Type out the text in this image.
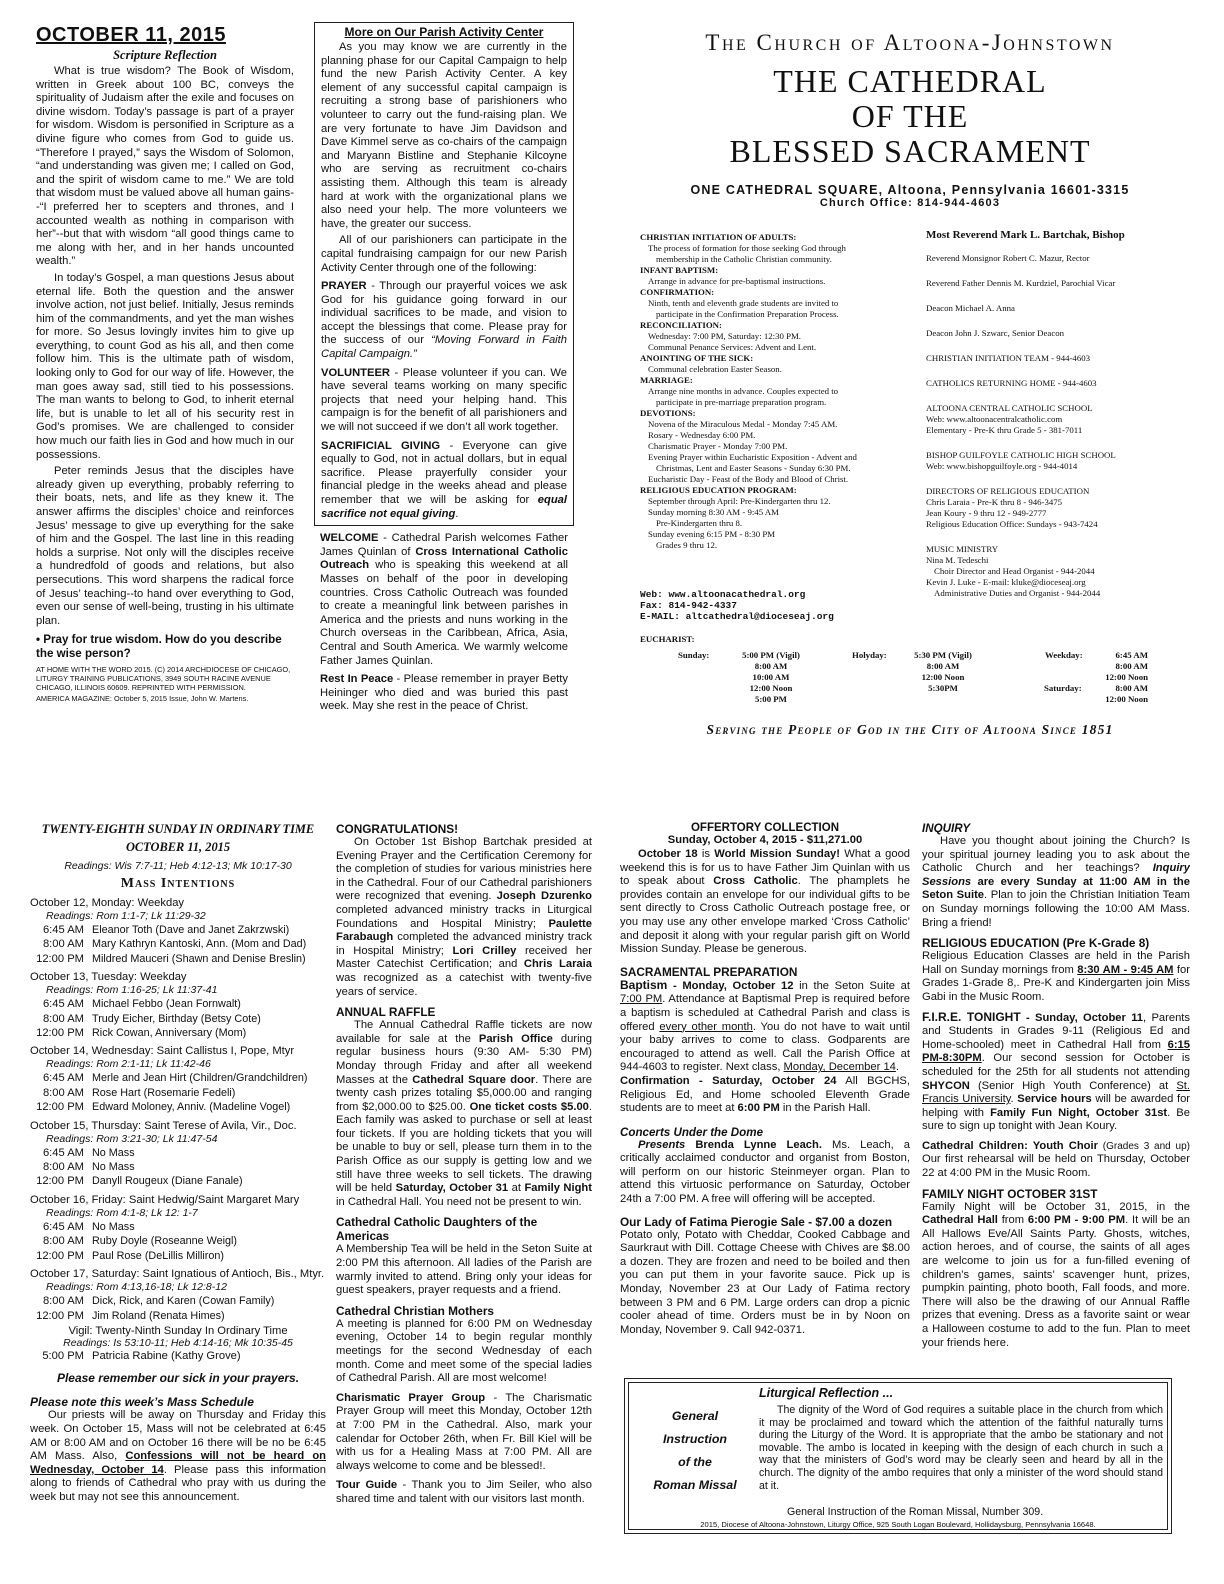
OCTOBER 11, 2015
Scripture Reflection
What is true wisdom? The Book of Wisdom, written in Greek about 100 BC, conveys the spirituality of Judaism after the exile and focuses on divine wisdom. Today’s passage is part of a prayer for wisdom. Wisdom is personified in Scripture as a divine figure who comes from God to guide us. “Therefore I prayed,” says the Wisdom of Solomon, “and understanding was given me; I called on God, and the spirit of wisdom came to me.” We are told that wisdom must be valued above all human gains--“I preferred her to scepters and thrones, and I accounted wealth as nothing in comparison with her”--but that with wisdom “all good things came to me along with her, and in her hands uncounted wealth.”
In today’s Gospel, a man questions Jesus about eternal life. Both the question and the answer involve action, not just belief. Initially, Jesus reminds him of the commandments, and yet the man wishes for more. So Jesus lovingly invites him to give up everything, to count God as his all, and then come follow him. This is the ultimate path of wisdom, looking only to God for our way of life. However, the man goes away sad, still tied to his possessions. The man wants to belong to God, to inherit eternal life, but is unable to let all of his security rest in God’s promises. We are challenged to consider how much our faith lies in God and how much in our possessions.
Peter reminds Jesus that the disciples have already given up everything, probably referring to their boats, nets, and life as they knew it. The answer affirms the disciples’ choice and reinforces Jesus’ message to give up everything for the sake of him and the Gospel. The last line in this reading holds a surprise. Not only will the disciples receive a hundredfold of goods and relations, but also persecutions. This word sharpens the radical force of Jesus’ teaching--to hand over everything to God, even our sense of well-being, trusting in his ultimate plan.
• Pray for true wisdom. How do you describe the wise person?
AT HOME WITH THE WORD 2015. (C) 2014 ARCHDIOCESE OF CHICAGO, LITURGY TRAINING PUBLICATIONS, 3949 SOUTH RACINE AVENUE CHICAGO, ILLINOIS 60609. REPRINTED WITH PERMISSION.
AMERICA MAGAZINE: October 5, 2015 Issue, John W. Martens.
More on Our Parish Activity Center
As you may know we are currently in the planning phase for our Capital Campaign to help fund the new Parish Activity Center. A key element of any successful capital campaign is recruiting a strong base of parishioners who volunteer to carry out the fund-raising plan. We are very fortunate to have Jim Davidson and Dave Kimmel serve as co-chairs of the campaign and Maryann Bistline and Stephanie Kilcoyne who are serving as recruitment co-chairs assisting them. Although this team is already hard at work with the organizational plans we also need your help. The more volunteers we have, the greater our success.
All of our parishioners can participate in the capital fundraising campaign for our new Parish Activity Center through one of the following:
PRAYER - Through our prayerful voices we ask God for his guidance going forward in our individual sacrifices to be made, and vision to accept the blessings that come. Please pray for the success of our “Moving Forward in Faith Capital Campaign.”
VOLUNTEER - Please volunteer if you can. We have several teams working on many specific projects that need your helping hand. This campaign is for the benefit of all parishioners and we will not succeed if we don’t all work together.
SACRIFICIAL GIVING - Everyone can give equally to God, not in actual dollars, but in equal sacrifice. Please prayerfully consider your financial pledge in the weeks ahead and please remember that we will be asking for equal sacrifice not equal giving.
WELCOME - Cathedral Parish welcomes Father James Quinlan of Cross International Catholic Outreach who is speaking this weekend at all Masses on behalf of the poor in developing countries. Cross Catholic Outreach was founded to create a meaningful link between parishes in America and the priests and nuns working in the Church overseas in the Caribbean, Africa, Asia, Central and South America. We warmly welcome Father James Quinlan.
Rest In Peace - Please remember in prayer Betty Heininger who died and was buried this past week. May she rest in the peace of Christ.
The Church of Altoona-Johnstown
THE CATHEDRAL
OF THE
BLESSED SACRAMENT
ONE CATHEDRAL SQUARE, Altoona, Pennsylvania 16601-3315
Church Office: 814-944-4603
CHRISTIAN INITIATION OF ADULTS:
The process of formation for those seeking God through
membership in the Catholic Christian community.
INFANT BAPTISM:
Arrange in advance for pre-baptismal instructions.
CONFIRMATION:
Ninth, tenth and eleventh grade students are invited to
participate in the Confirmation Preparation Process.
RECONCILIATION:
Wednesday: 7:00 PM, Saturday: 12:30 PM.
Communal Penance Services: Advent and Lent.
ANOINTING OF THE SICK:
Communal celebration Easter Season.
MARRIAGE:
Arrange nine months in advance. Couples expected to
participate in pre-marriage preparation program.
DEVOTIONS:
Novena of the Miraculous Medal - Monday 7:45 AM.
Rosary - Wednesday 6:00 PM.
Charismatic Prayer - Monday 7:00 PM.
Evening Prayer within Eucharistic Exposition - Advent and
Christmas, Lent and Easter Seasons - Sunday 6:30 PM.
Eucharistic Day - Feast of the Body and Blood of Christ.
RELIGIOUS EDUCATION PROGRAM:
September through April: Pre-Kindergarten thru 12.
Sunday morning 8:30 AM - 9:45 AM
Pre-Kindergarten thru 8.
Sunday evening 6:15 PM - 8:30 PM
Grades 9 thru 12.
Most Reverend Mark L. Bartchak, Bishop
Reverend Monsignor Robert C. Mazur, Rector
Reverend Father Dennis M. Kurdziel, Parochial Vicar
Deacon Michael A. Anna
Deacon John J. Szwarc, Senior Deacon
CHRISTIAN INITIATION TEAM - 944-4603
CATHOLICS RETURNING HOME - 944-4603
ALTOONA CENTRAL CATHOLIC SCHOOL
Web: www.altoonacentralcatholic.com
Elementary - Pre-K thru Grade 5 - 381-7011
BISHOP GUILFOYLE CATHOLIC HIGH SCHOOL
Web: www.bishopguilfoyle.org - 944-4014
DIRECTORS OF RELIGIOUS EDUCATION
Chris Laraia - Pre-K thru 8 - 946-3475
Jean Koury - 9 thru 12 - 949-2777
Religious Education Office: Sundays - 943-7424
MUSIC MINISTRY
Nina M. Tedeschi
Choir Director and Head Organist - 944-2044
Kevin J. Luke - E-mail: kluke@dioceseaj.org
Administrative Duties and Organist - 944-2044
Web: www.altoonacathedral.org
Fax: 814-942-4337
E-MAIL: altcathedral@dioceseaj.org
EUCHARIST:
Sunday:	5:00 PM (Vigil)
8:00 AM
10:00 AM
12:00 Noon
5:00 PM
Holyday:	5:30 PM (Vigil)
8:00 AM
12:00 Noon
5:30PM
Weekday:	6:45 AM
8:00 AM
12:00 Noon
Saturday:	8:00 AM
12:00 Noon
Serving the People of God in the City of Altoona Since 1851
TWENTY-EIGHTH SUNDAY IN ORDINARY TIME
OCTOBER 11, 2015
Readings: Wis 7:7-11; Heb 4:12-13; Mk 10:17-30
Mass Intentions
October 12, Monday: Weekday
Readings: Rom 1:1-7; Lk 11:29-32
6:45 AM Eleanor Toth (Dave and Janet Zakrzwski)
8:00 AM Mary Kathryn Kantoski, Ann. (Mom and Dad)
12:00 PM Mildred Mauceri (Shawn and Denise Breslin)
October 13, Tuesday: Weekday
Readings: Rom 1:16-25; Lk 11:37-41
6:45 AM Michael Febbo (Jean Fornwalt)
8:00 AM Trudy Eicher, Birthday (Betsy Cote)
12:00 PM Rick Cowan, Anniversary (Mom)
October 14, Wednesday: Saint Callistus I, Pope, Mtyr
Readings: Rom 2:1-11; Lk 11:42-46
6:45 AM Merle and Jean Hirt (Children/Grandchildren)
8:00 AM Rose Hart (Rosemarie Fedeli)
12:00 PM Edward Moloney, Anniv. (Madeline Vogel)
October 15, Thursday: Saint Terese of Avila, Vir., Doc.
Readings: Rom 3:21-30; Lk 11:47-54
6:45 AM No Mass
8:00 AM No Mass
12:00 PM Danyll Rougeux (Diane Fanale)
October 16, Friday: Saint Hedwig/Saint Margaret Mary
Readings: Rom 4:1-8; Lk 12: 1-7
6:45 AM No Mass
8:00 AM Ruby Doyle (Roseanne Weigl)
12:00 PM Paul Rose (DeLillis Milliron)
October 17, Saturday: Saint Ignatious of Antioch, Bis., Mtyr.
Readings: Rom 4:13,16-18; Lk 12:8-12
8:00 AM Dick, Rick, and Karen (Cowan Family)
12:00 PM Jim Roland (Renata Himes)
Vigil: Twenty-Ninth Sunday In Ordinary Time
Readings: Is 53:10-11; Heb 4:14-16; Mk 10:35-45
5:00 PM Patricia Rabine (Kathy Grove)
Please remember our sick in your prayers.
Please note this week’s Mass Schedule
Our priests will be away on Thursday and Friday this week. On October 15, Mass will not be celebrated at 6:45 AM or 8:00 AM and on October 16 there will be no be 6:45 AM Mass. Also, Confessions will not be heard on Wednesday, October 14. Please pass this information along to friends of Cathedral who pray with us during the week but may not see this announcement.
CONGRATULATIONS!
On October 1st Bishop Bartchak presided at Evening Prayer and the Certification Ceremony for the completion of studies for various ministries here in the Cathedral. Four of our Cathedral parishioners were recognized that evening. Joseph Dzurenko completed advanced ministry tracks in Liturgical Foundations and Hospital Ministry; Paulette Farabaugh completed the advanced ministry track in Hospital Ministry; Lori Crilley received her Master Catechist Certification; and Chris Laraia was recognized as a catechist with twenty-five years of service.
ANNUAL RAFFLE
The Annual Cathedral Raffle tickets are now available for sale at the Parish Office during regular business hours (9:30 AM- 5:30 PM) Monday through Friday and after all weekend Masses at the Cathedral Square door. There are twenty cash prizes totaling $5,000.00 and ranging from $2,000.00 to $25.00. One ticket costs $5.00. Each family was asked to purchase or sell at least four tickets. If you are holding tickets that you will be unable to buy or sell, please turn them in to the Parish Office as our supply is getting low and we still have three weeks to sell tickets. The drawing will be held Saturday, October 31 at Family Night in Cathedral Hall. You need not be present to win.
Cathedral Catholic Daughters of the Americas
A Membership Tea will be held in the Seton Suite at 2:00 PM this afternoon. All ladies of the Parish are warmly invited to attend. Bring only your ideas for guest speakers, prayer requests and a friend.
Cathedral Christian Mothers
A meeting is planned for 6:00 PM on Wednesday evening, October 14 to begin regular monthly meetings for the second Wednesday of each month. Come and meet some of the special ladies of Cathedral Parish. All are most welcome!
Charismatic Prayer Group - The Charismatic Prayer Group will meet this Monday, October 12th at 7:00 PM in the Cathedral. Also, mark your calendar for October 26th, when Fr. Bill Kiel will be with us for a Healing Mass at 7:00 PM. All are always welcome to come and be blessed!.
Tour Guide - Thank you to Jim Seiler, who also shared time and talent with our visitors last month.
OFFERTORY COLLECTION
Sunday, October 4, 2015 - $11,271.00
October 18 is World Mission Sunday! What a good weekend this is for us to have Father Jim Quinlan with us to speak about Cross Catholic. The phamplets he provides contain an envelope for our individual gifts to be sent directly to Cross Catholic Outreach postage free, or you may use any other envelope marked ‘Cross Catholic’ and deposit it along with your regular parish gift on World Mission Sunday. Please be generous.
SACRAMENTAL PREPARATION
Baptism - Monday, October 12 in the Seton Suite at 7:00 PM. Attendance at Baptismal Prep is required before a baptism is scheduled at Cathedral Parish and class is offered every other month. You do not have to wait until your baby arrives to come to class. Godparents are encouraged to attend as well. Call the Parish Office at 944-4603 to register. Next class, Monday, December 14.
Confirmation - Saturday, October 24 All BGCHS, Religious Ed, and Home schooled Eleventh Grade students are to meet at 6:00 PM in the Parish Hall.
Concerts Under the Dome
Presents Brenda Lynne Leach. Ms. Leach, a critically acclaimed conductor and organist from Boston, will perform on our historic Steinmeyer organ. Plan to attend this virtuosic performance on Saturday, October 24th a 7:00 PM. A free will offering will be accepted.
Our Lady of Fatima Pierogie Sale - $7.00 a dozen
Potato only, Potato with Cheddar, Cooked Cabbage and Saurkraut with Dill. Cottage Cheese with Chives are $8.00 a dozen. They are frozen and need to be boiled and then you can put them in your favorite sauce. Pick up is Monday, November 23 at Our Lady of Fatima rectory between 3 PM and 6 PM. Large orders can drop a picnic cooler ahead of time. Orders must be in by Noon on Monday, November 9. Call 942-0371.
INQUIRY
Have you thought about joining the Church? Is your spiritual journey leading you to ask about the Catholic Church and her teachings? Inquiry Sessions are every Sunday at 11:00 AM in the Seton Suite. Plan to join the Christian Initiation Team on Sunday mornings following the 10:00 AM Mass. Bring a friend!
RELIGIOUS EDUCATION (Pre K-Grade 8)
Religious Education Classes are held in the Parish Hall on Sunday mornings from 8:30 AM - 9:45 AM for Grades 1-Grade 8,. Pre-K and Kindergarten join Miss Gabi in the Music Room.
F.I.R.E. TONIGHT - Sunday, October 11, Parents and Students in Grades 9-11 (Religious Ed and Home-schooled) meet in Cathedral Hall from 6:15 PM-8:30PM. Our second session for October is scheduled for the 25th for all students not attending SHYCON (Senior High Youth Conference) at St. Francis University. Service hours will be awarded for helping with Family Fun Night, October 31st. Be sure to sign up tonight with Jean Koury.
Cathedral Children: Youth Choir (Grades 3 and up) Our first rehearsal will be held on Thursday, October 22 at 4:00 PM in the Music Room.
FAMILY NIGHT OCTOBER 31ST
Family Night will be October 31, 2015, in the Cathedral Hall from 6:00 PM - 9:00 PM. It will be an All Hallows Eve/All Saints Party. Ghosts, witches, action heroes, and of course, the saints of all ages are welcome to join us for a fun-filled evening of children’s games, saints’ scavenger hunt, prizes, pumpkin painting, photo booth, Fall foods, and more. There will also be the drawing of our Annual Raffle prizes that evening. Dress as a favorite saint or wear a Halloween costume to add to the fun. Plan to meet your friends here.
Liturgical Reflection ...
General
Instruction
of the
Roman Missal
The dignity of the Word of God requires a suitable place in the church from which it may be proclaimed and toward which the attention of the faithful naturally turns during the Liturgy of the Word. It is appropriate that the ambo be stationary and not movable. The ambo is located in keeping with the design of each church in such a way that the ministers of God’s word may be clearly seen and heard by all in the church. The dignity of the ambo requires that only a minister of the word should stand at it.
General Instruction of the Roman Missal, Number 309.
2015, Diocese of Altoona-Johnstown, Liturgy Office, 925 South Logan Boulevard, Hollidaysburg, Pennsylvania 16648.
